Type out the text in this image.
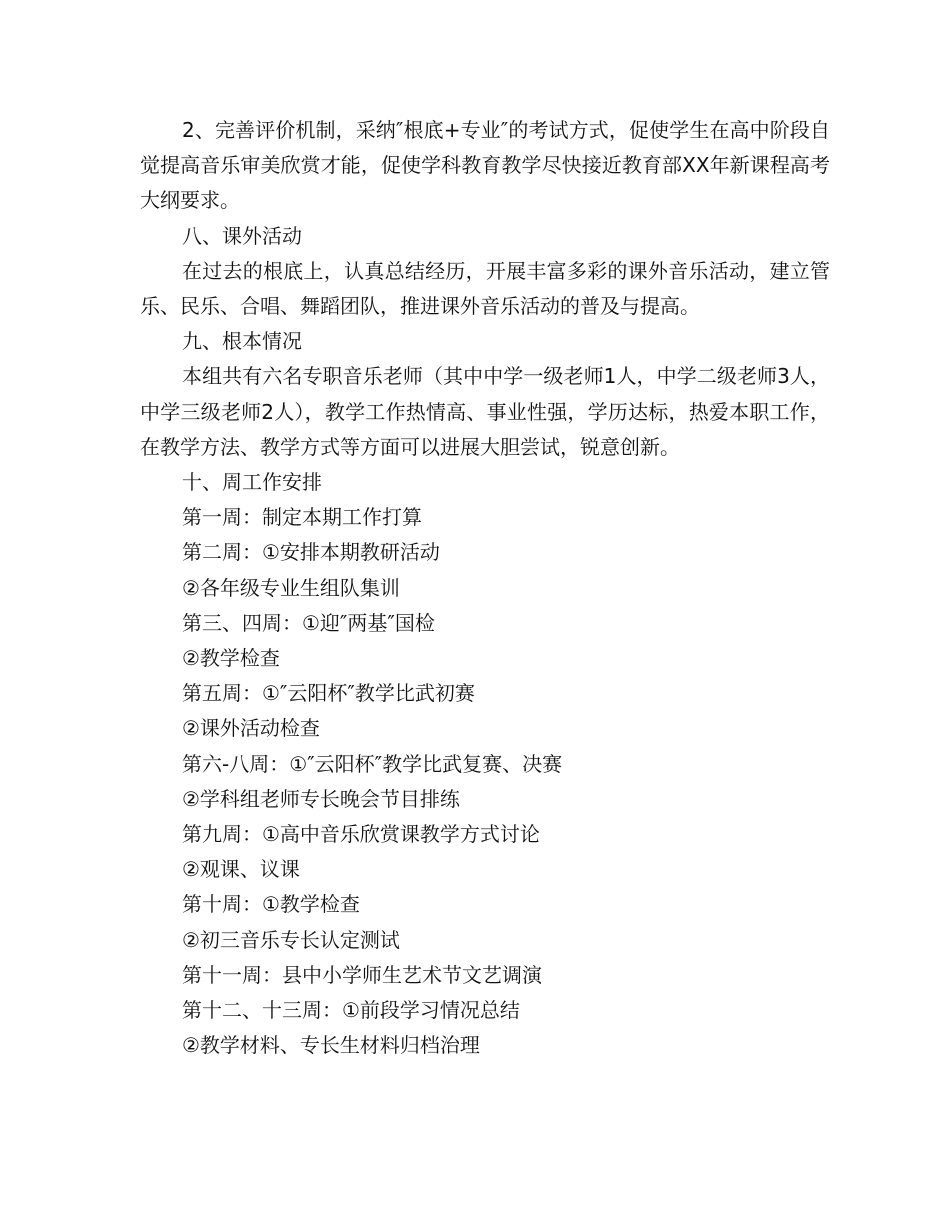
2、完善评价机制，采纳″根底+专业″的考试方式，促使学生在高中阶段自觉提高音乐审美欣赏才能，促使学科教育教学尽快接近教育部XX年新课程高考大纲要求。

八、课外活动

在过去的根底上，认真总结经历，开展丰富多彩的课外音乐活动，建立管乐、民乐、合唱、舞蹈团队，推进课外音乐活动的普及与提高。

九、根本情况

本组共有六名专职音乐老师（其中中学一级老师1人，中学二级老师3人，中学三级老师2人），教学工作热情高、事业性强，学历达标，热爱本职工作，在教学方法、教学方式等方面可以进展大胆尝试，锐意创新。

十、周工作安排

第一周：制定本期工作打算

第二周：①安排本期教研活动

②各年级专业生组队集训

第三、四周：①迎″两基″国检

②教学检查

第五周：①″云阳杯″教学比武初赛

②课外活动检查

第六-八周：①″云阳杯″教学比武复赛、决赛

②学科组老师专长晚会节目排练

第九周：①高中音乐欣赏课教学方式讨论

②观课、议课

第十周：①教学检查

②初三音乐专长认定测试

第十一周：县中小学师生艺术节文艺调演

第十二、十三周：①前段学习情况总结

②教学材料、专长生材料归档治理
